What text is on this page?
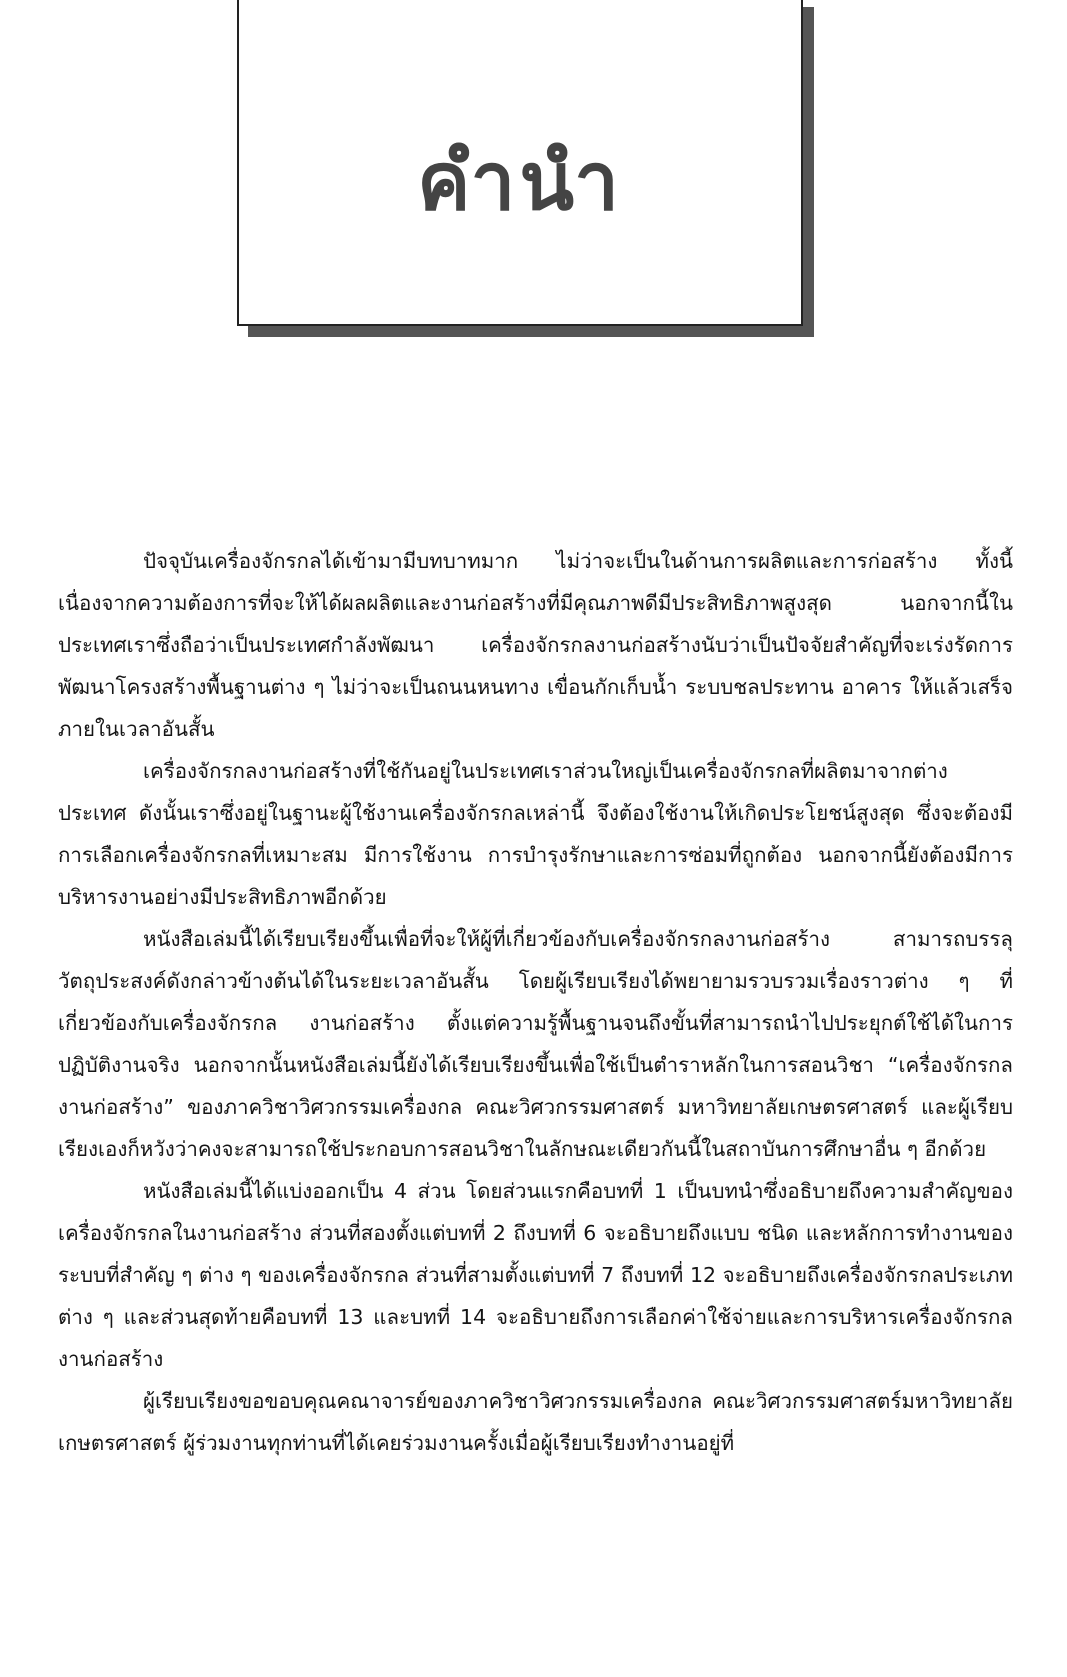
คำนำ

ปัจจุบันเครื่องจักรกลได้เข้ามามีบทบาทมาก ไม่ว่าจะเป็นในด้านการผลิตและการก่อสร้าง ทั้งนี้เนื่องจากความต้องการที่จะให้ได้ผลผลิตและงานก่อสร้างที่มีคุณภาพดีมีประสิทธิภาพสูงสุด นอกจากนี้ในประเทศเราซึ่งถือว่าเป็นประเทศกำลังพัฒนา เครื่องจักรกลงานก่อสร้างนับว่าเป็นปัจจัยสำคัญที่จะเร่งรัดการพัฒนาโครงสร้างพื้นฐานต่าง ๆ ไม่ว่าจะเป็นถนนหนทาง เขื่อนกักเก็บน้ำ ระบบชลประทาน อาคาร ให้แล้วเสร็จภายในเวลาอันสั้น

เครื่องจักรกลงานก่อสร้างที่ใช้กันอยู่ในประเทศเราส่วนใหญ่เป็นเครื่องจักรกลที่ผลิตมาจากต่างประเทศ ดังนั้นเราซึ่งอยู่ในฐานะผู้ใช้งานเครื่องจักรกลเหล่านี้ จึงต้องใช้งานให้เกิดประโยชน์สูงสุด ซึ่งจะต้องมีการเลือกเครื่องจักรกลที่เหมาะสม มีการใช้งาน การบำรุงรักษาและการซ่อมที่ถูกต้อง นอกจากนี้ยังต้องมีการบริหารงานอย่างมีประสิทธิภาพอีกด้วย

หนังสือเล่มนี้ได้เรียบเรียงขึ้นเพื่อที่จะให้ผู้ที่เกี่ยวข้องกับเครื่องจักรกลงานก่อสร้าง สามารถบรรลุวัตถุประสงค์ดังกล่าวข้างต้นได้ในระยะเวลาอันสั้น โดยผู้เรียบเรียงได้พยายามรวบรวมเรื่องราวต่าง ๆ ที่เกี่ยวข้องกับเครื่องจักรกล งานก่อสร้าง ตั้งแต่ความรู้พื้นฐานจนถึงขั้นที่สามารถนำไปประยุกต์ใช้ได้ในการปฏิบัติงานจริง นอกจากนั้นหนังสือเล่มนี้ยังได้เรียบเรียงขึ้นเพื่อใช้เป็นตำราหลักในการสอนวิชา “เครื่องจักรกลงานก่อสร้าง” ของภาควิชาวิศวกรรมเครื่องกล คณะวิศวกรรมศาสตร์ มหาวิทยาลัยเกษตรศาสตร์ และผู้เรียบเรียงเองก็หวังว่าคงจะสามารถใช้ประกอบการสอนวิชาในลักษณะเดียวกันนี้ในสถาบันการศึกษาอื่น ๆ อีกด้วย

หนังสือเล่มนี้ได้แบ่งออกเป็น 4 ส่วน โดยส่วนแรกคือบทที่ 1 เป็นบทนำซึ่งอธิบายถึงความสำคัญของเครื่องจักรกลในงานก่อสร้าง ส่วนที่สองตั้งแต่บทที่ 2 ถึงบทที่ 6 จะอธิบายถึงแบบ ชนิด และหลักการทำงานของระบบที่สำคัญ ๆ ต่าง ๆ ของเครื่องจักรกล ส่วนที่สามตั้งแต่บทที่ 7 ถึงบทที่ 12 จะอธิบายถึงเครื่องจักรกลประเภทต่าง ๆ และส่วนสุดท้ายคือบทที่ 13 และบทที่ 14 จะอธิบายถึงการเลือกค่าใช้จ่ายและการบริหารเครื่องจักรกลงานก่อสร้าง

ผู้เรียบเรียงขอขอบคุณคณาจารย์ของภาควิชาวิศวกรรมเครื่องกล คณะวิศวกรรมศาสตร์มหาวิทยาลัยเกษตรศาสตร์ ผู้ร่วมงานทุกท่านที่ได้เคยร่วมงานครั้งเมื่อผู้เรียบเรียงทำงานอยู่ที่
